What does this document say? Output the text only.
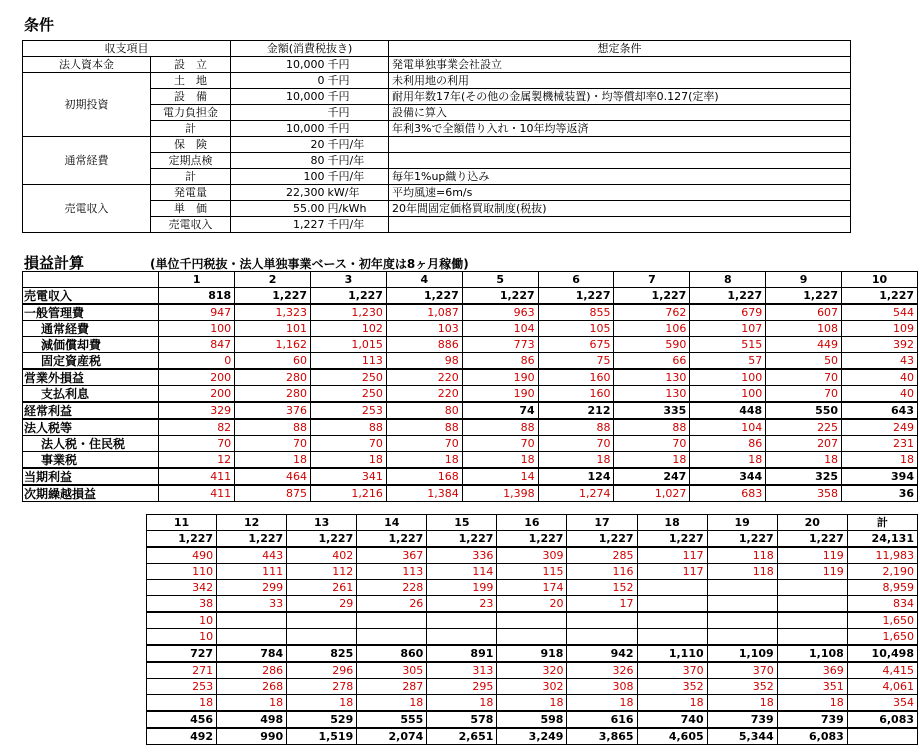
条件
収支項目		金額(消費税抜き)		想定条件
法人資本金	設　立	10,000	千円	発電単独事業会社設立
初期投資	土　地	0	千円	未利用地の利用
	設　備	10,000	千円	耐用年数17年(その他の金属製機械装置)・均等償却率0.127(定率)
	電力負担金		千円	設備に算入
	計	10,000	千円	年利3%で全額借り入れ・10年均等返済
通常経費	保　険	20	千円/年	
	定期点検	80	千円/年	
	計	100	千円/年	毎年1%up織り込み
売電収入	発電量	22,300	kW/年	平均風速=6m/s
	単　価	55.00	円/kWh	20年間固定価格買取制度(税抜)
	売電収入	1,227	千円/年	
損益計算	(単位千円税抜・法人単独事業ベース・初年度は8ヶ月稼働)
	1	2	3	4	5	6	7	8	9	10
売電収入	818	1,227	1,227	1,227	1,227	1,227	1,227	1,227	1,227	1,227
一般管理費	947	1,323	1,230	1,087	963	855	762	679	607	544
通常経費	100	101	102	103	104	105	106	107	108	109
減価償却費	847	1,162	1,015	886	773	675	590	515	449	392
固定資産税	0	60	113	98	86	75	66	57	50	43
営業外損益	200	280	250	220	190	160	130	100	70	40
支払利息	200	280	250	220	190	160	130	100	70	40
経常利益	329	376	253	80	74	212	335	448	550	643
法人税等	82	88	88	88	88	88	88	104	225	249
法人税・住民税	70	70	70	70	70	70	70	86	207	231
事業税	12	18	18	18	18	18	18	18	18	18
当期利益	411	464	341	168	14	124	247	344	325	394
次期繰越損益	411	875	1,216	1,384	1,398	1,274	1,027	683	358	36
11	12	13	14	15	16	17	18	19	20	計
1,227	1,227	1,227	1,227	1,227	1,227	1,227	1,227	1,227	1,227	24,131
490	443	402	367	336	309	285	117	118	119	11,983
110	111	112	113	114	115	116	117	118	119	2,190
342	299	261	228	199	174	152				8,959
38	33	29	26	23	20	17				834
10										1,650
10										1,650
727	784	825	860	891	918	942	1,110	1,109	1,108	10,498
271	286	296	305	313	320	326	370	370	369	4,415
253	268	278	287	295	302	308	352	352	351	4,061
18	18	18	18	18	18	18	18	18	18	354
456	498	529	555	578	598	616	740	739	739	6,083
492	990	1,519	2,074	2,651	3,249	3,865	4,605	5,344	6,083	
